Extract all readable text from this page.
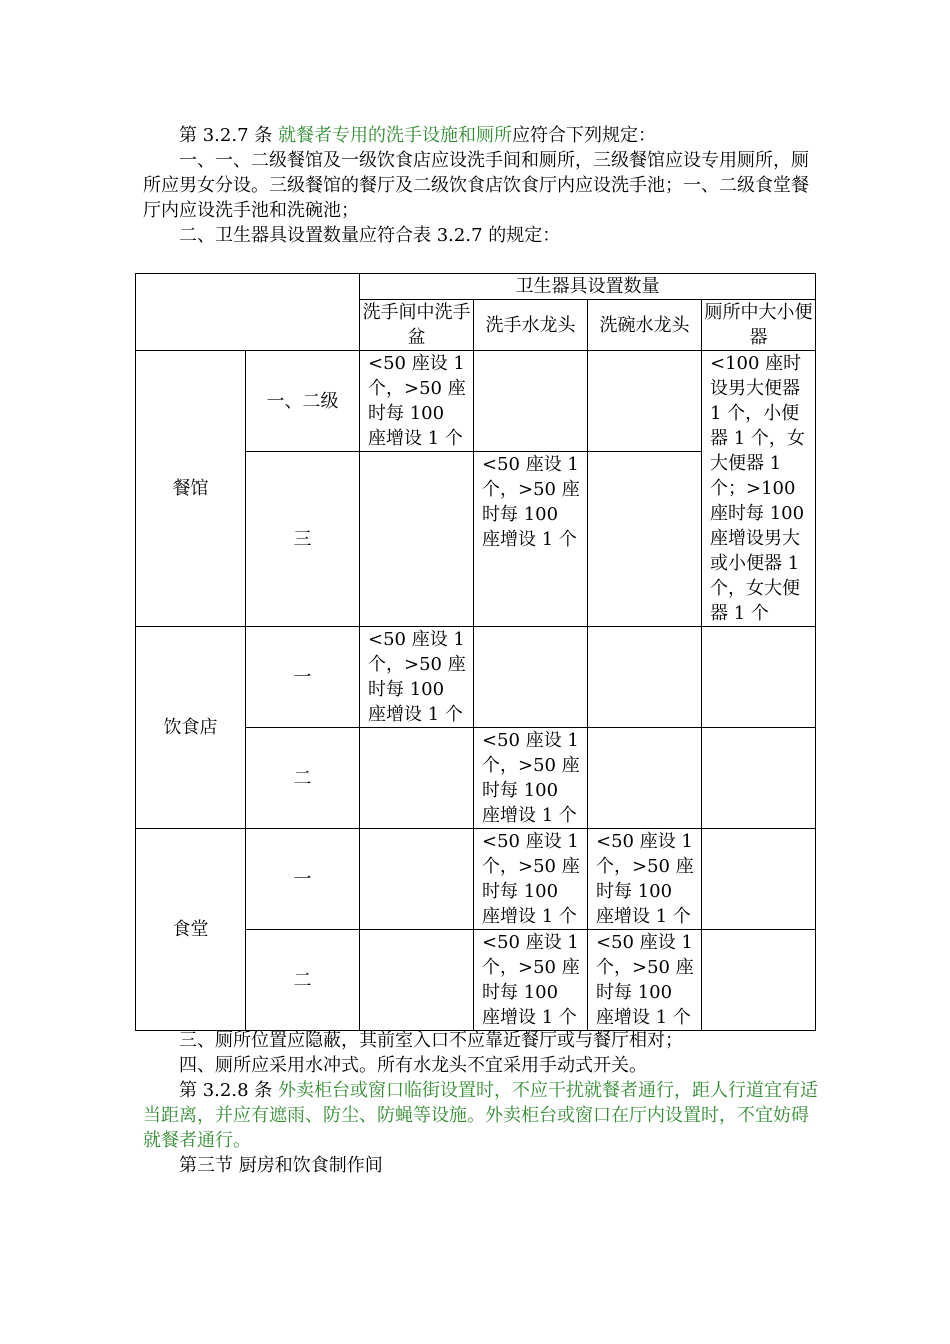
第 3.2.7 条 就餐者专用的洗手设施和厕所应符合下列规定：
一、一、二级餐馆及一级饮食店应设洗手间和厕所，三级餐馆应设专用厕所，厕所应男女分设。三级餐馆的餐厅及二级饮食店饮食厅内应设洗手池；一、二级食堂餐厅内应设洗手池和洗碗池；
二、卫生器具设置数量应符合表 3.2.7 的规定：
		卫生器具设置数量			
		洗手间中洗手盆	洗手水龙头	洗碗水龙头	厕所中大小便器
餐馆	一、二级	<50 座设 1 个，>50 座时每 100 座增设 1 个			<100 座时设男大便器 1 个，小便器 1 个，女大便器 1 个；>100 座时每 100 座增设男大或小便器 1 个，女大便器 1 个
	三		<50 座设 1 个，>50 座时每 100 座增设 1 个		
饮食店	一	<50 座设 1 个，>50 座时每 100 座增设 1 个			
	二		<50 座设 1 个，>50 座时每 100 座增设 1 个		
食堂	一		<50 座设 1 个，>50 座时每 100 座增设 1 个	<50 座设 1 个，>50 座时每 100 座增设 1 个	
	二		<50 座设 1 个，>50 座时每 100 座增设 1 个	<50 座设 1 个，>50 座时每 100 座增设 1 个	
三、厕所位置应隐蔽，其前室入口不应靠近餐厅或与餐厅相对；
四、厕所应采用水冲式。所有水龙头不宜采用手动式开关。
第 3.2.8 条 外卖柜台或窗口临街设置时，不应干扰就餐者通行，距人行道宜有适当距离，并应有遮雨、防尘、防蝇等设施。外卖柜台或窗口在厅内设置时，不宜妨碍就餐者通行。
第三节 厨房和饮食制作间
